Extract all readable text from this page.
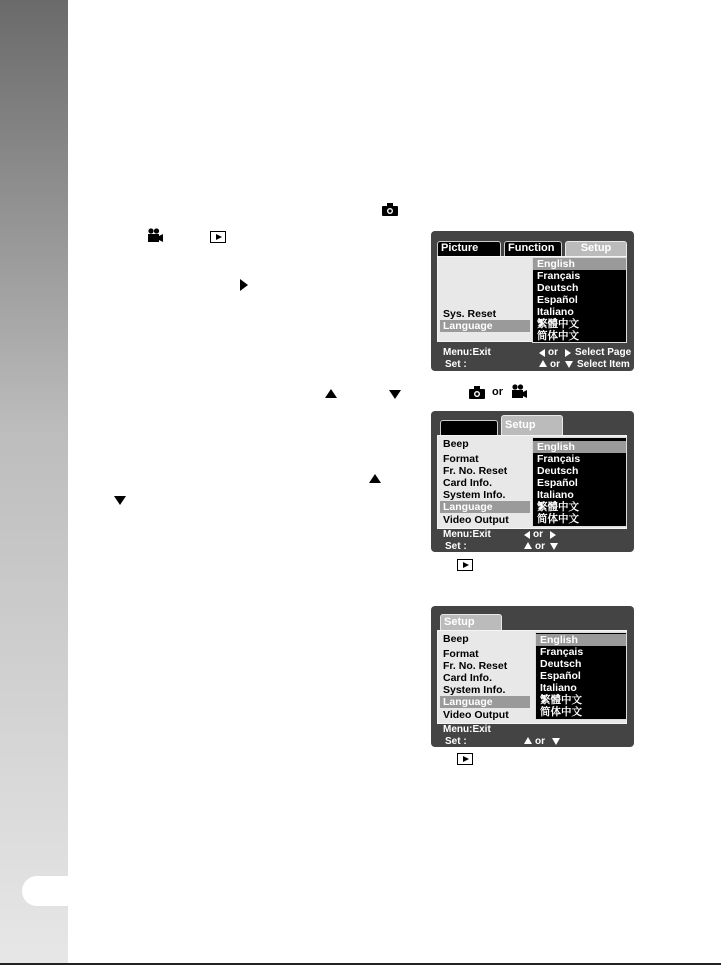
or
Picture	Function	Setup
Sys. Reset
Language
English
Français
Deutsch
Español
Italiano
繁體中文
简体中文
Menu:Exit
Set :
or Select Page
or Select Item
Setup
Beep
Format
Fr. No. Reset
Card Info.
System Info.
Language
Video Output
English
Français
Deutsch
Español
Italiano
繁體中文
简体中文
Menu:Exit
Set :
or
or
Setup
Beep
Format
Fr. No. Reset
Card Info.
System Info.
Language
Video Output
English
Français
Deutsch
Español
Italiano
繁體中文
简体中文
Menu:Exit
Set :	or
